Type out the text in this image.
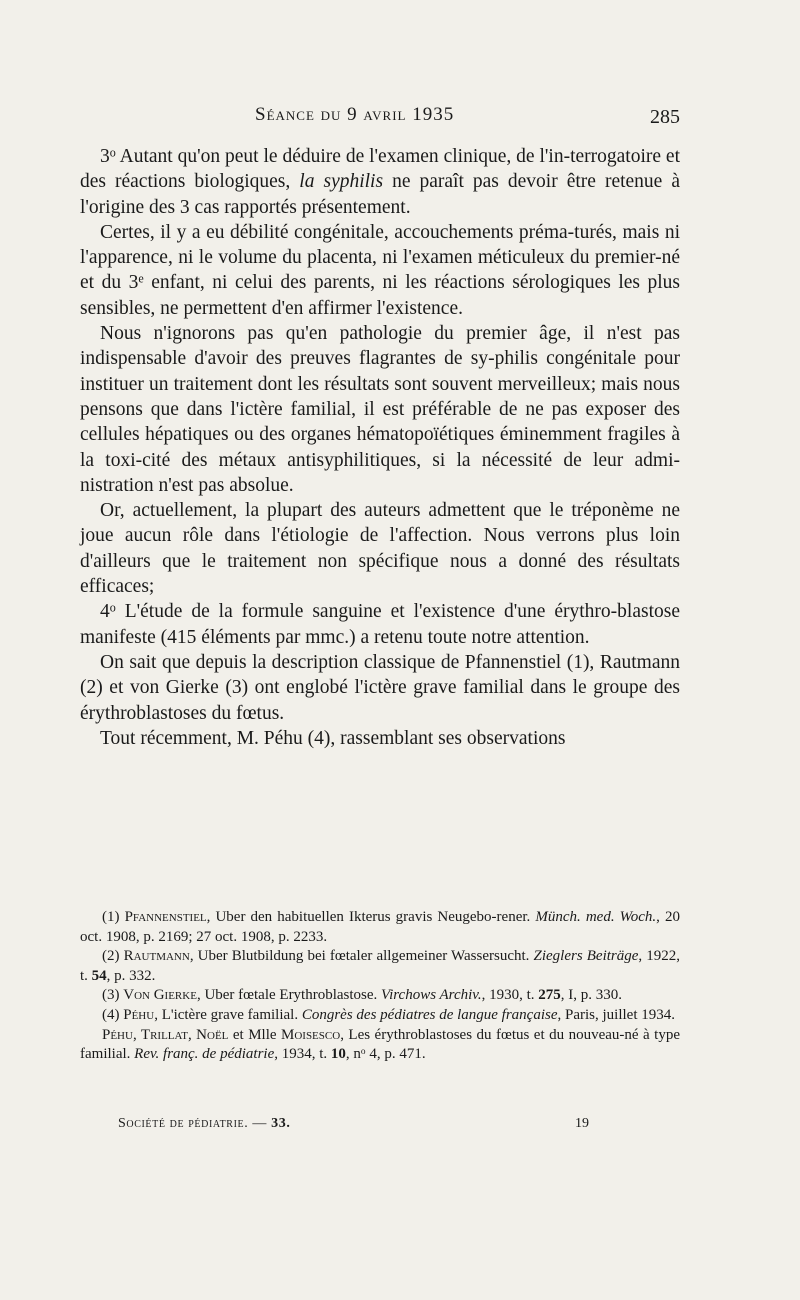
Séance du 9 avril 1935	285

3$^o$ Autant qu'on peut le déduire de l'examen clinique, de l'in-terrogatoire et des réactions biologiques, la syphilis ne paraît pas devoir être retenue à l'origine des 3 cas rapportés présentement.

Certes, il y a eu débilité congénitale, accouchements préma-turés, mais ni l'apparence, ni le volume du placenta, ni l'examen méticuleux du premier-né et du 3e enfant, ni celui des parents, ni les réactions sérologiques les plus sensibles, ne permettent d'en affirmer l'existence.

Nous n'ignorons pas qu'en pathologie du premier âge, il n'est pas indispensable d'avoir des preuves flagrantes de sy-philis congénitale pour instituer un traitement dont les résultats sont souvent merveilleux; mais nous pensons que dans l'ictère familial, il est préférable de ne pas exposer des cellules hépatiques ou des organes hématopoïétiques éminemment fragiles à la toxi-cité des métaux antisyphilitiques, si la nécessité de leur admi-nistration n'est pas absolue.

Or, actuellement, la plupart des auteurs admettent que le tréponème ne joue aucun rôle dans l'étiologie de l'affection. Nous verrons plus loin d'ailleurs que le traitement non spécifique nous a donné des résultats efficaces;

4$^o$ L'étude de la formule sanguine et l'existence d'une érythro-blastose manifeste (415 éléments par mmc.) a retenu toute notre attention.

On sait que depuis la description classique de Pfannenstiel (1), Rautmann (2) et von Gierke (3) ont englobé l'ictère grave familial dans le groupe des érythroblastoses du fœtus.

Tout récemment, M. Péhu (4), rassemblant ses observations

(1) Pfannenstiel, Uber den habituellen Ikterus gravis Neugebo-rener. Münch. med. Woch., 20 oct. 1908, p. 2169; 27 oct. 1908, p. 2233.

(2) Rautmann, Uber Blutbildung bei fœtaler allgemeiner Wassersucht. Zieglers Beiträge, 1922, t. 54, p. 332.

(3) Von Gierke, Uber fœtale Erythroblastose. Virchows Archiv., 1930, t. 275, I, p. 330.

(4) Péhu, L'ictère grave familial. Congrès des pédiatres de langue française, Paris, juillet 1934.

Péhu, Trillat, Noël et Mlle Moisesco, Les érythroblastoses du fœtus et du nouveau-né à type familial. Rev. franç. de pédiatrie, 1934, t. 10, $n^o$ 4, p. 471.

Société de pédiatrie. — 33.	19
